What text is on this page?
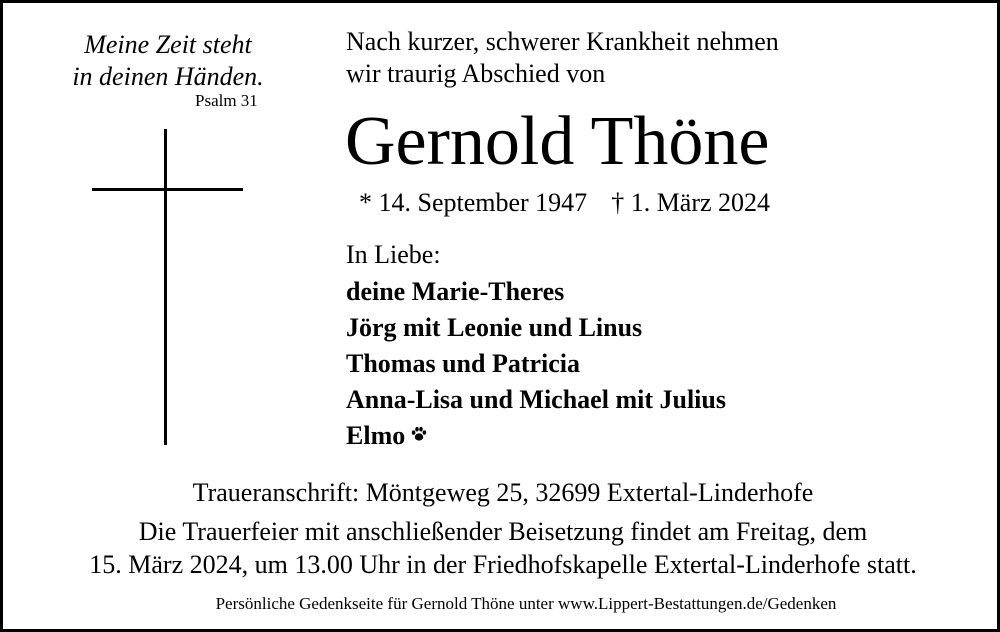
Meine Zeit steht
in deinen Händen.
Psalm 31
Nach kurzer, schwerer Krankheit nehmen
wir traurig Abschied von
Gernold Thöne
* 14. September 1947 † 1. März 2024
In Liebe:
deine Marie-Theres
Jörg mit Leonie und Linus
Thomas und Patricia
Anna-Lisa und Michael mit Julius
Elmo
Traueranschrift: Möntgeweg 25, 32699 Extertal-Linderhofe
Die Trauerfeier mit anschließender Beisetzung findet am Freitag, dem
15. März 2024, um 13.00 Uhr in der Friedhofskapelle Extertal-Linderhofe statt.
Persönliche Gedenkseite für Gernold Thöne unter www.Lippert-Bestattungen.de/Gedenken
